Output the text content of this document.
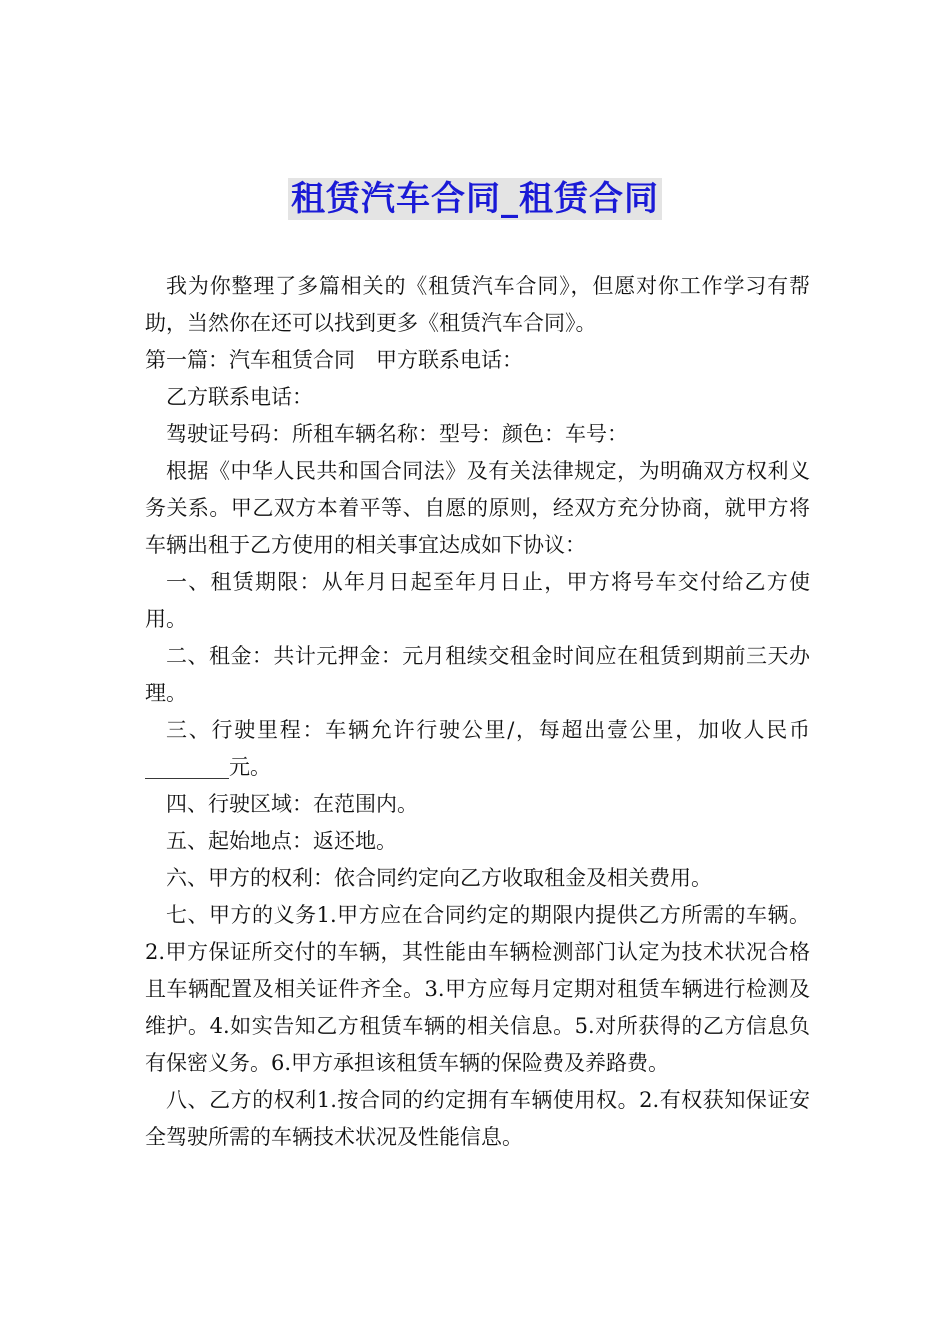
租赁汽车合同_租赁合同

我为你整理了多篇相关的《租赁汽车合同》，但愿对你工作学习有帮助，当然你在还可以找到更多《租赁汽车合同》。

第一篇：汽车租赁合同　甲方联系电话：

乙方联系电话：

驾驶证号码：所租车辆名称：型号：颜色：车号：

根据《中华人民共和国合同法》及有关法律规定，为明确双方权利义务关系。甲乙双方本着平等、自愿的原则，经双方充分协商，就甲方将车辆出租于乙方使用的相关事宜达成如下协议：

一、租赁期限：从年月日起至年月日止，甲方将号车交付给乙方使用。

二、租金：共计元押金：元月租续交租金时间应在租赁到期前三天办理。

三、行驶里程：车辆允许行驶公里/，每超出壹公里，加收人民币________元。

四、行驶区域：在范围内。

五、起始地点：返还地。

六、甲方的权利：依合同约定向乙方收取租金及相关费用。

七、甲方的义务1.甲方应在合同约定的期限内提供乙方所需的车辆。2.甲方保证所交付的车辆，其性能由车辆检测部门认定为技术状况合格且车辆配置及相关证件齐全。3.甲方应每月定期对租赁车辆进行检测及维护。4.如实告知乙方租赁车辆的相关信息。5.对所获得的乙方信息负有保密义务。6.甲方承担该租赁车辆的保险费及养路费。

八、乙方的权利1.按合同的约定拥有车辆使用权。2.有权获知保证安全驾驶所需的车辆技术状况及性能信息。
